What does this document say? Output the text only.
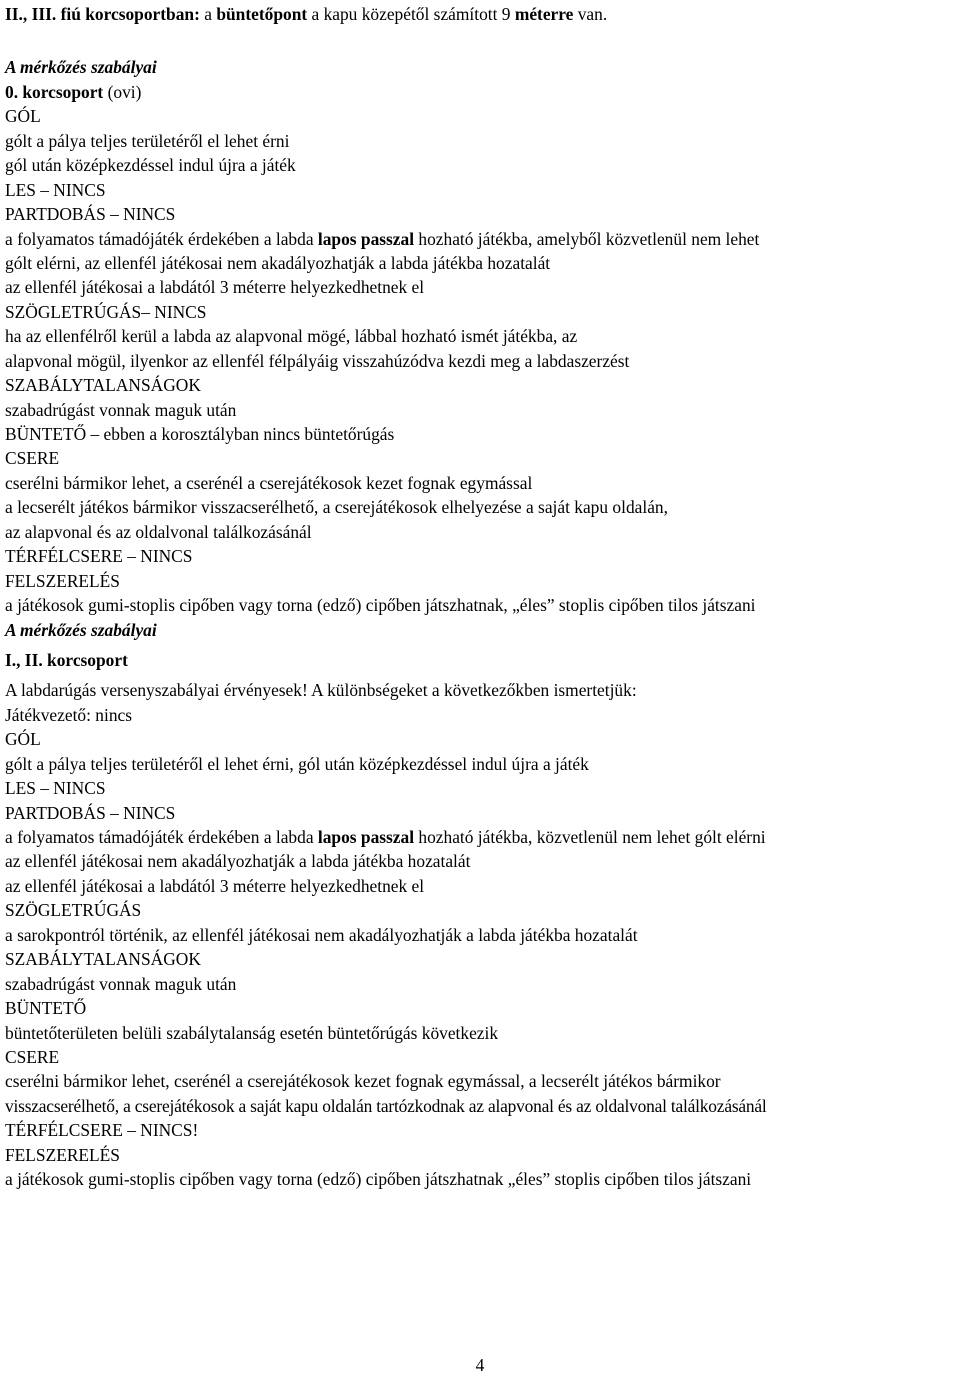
II., III. fiú korcsoportban: a büntetőpont a kapu közepétől számított 9 méterre van.
A mérkőzés szabályai
0. korcsoport (ovi)
GÓL
gólt a pálya teljes területéről el lehet érni
gól után középkezdéssel indul újra a játék
LES – NINCS
PARTDOBÁS – NINCS
a folyamatos támadójáték érdekében a labda lapos passzal hozható játékba, amelyből közvetlenül nem lehet
gólt elérni, az ellenfél játékosai nem akadályozhatják a labda játékba hozatalát
az ellenfél játékosai a labdától 3 méterre helyezkedhetnek el
SZÖGLETRÚGÁS– NINCS
ha az ellenfélről kerül a labda az alapvonal mögé, lábbal hozható ismét játékba, az
alapvonal mögül, ilyenkor az ellenfél félpályáig visszahúzódva kezdi meg a labdaszerzést
SZABÁLYTALANSÁGOK
szabadrúgást vonnak maguk után
BÜNTETŐ – ebben a korosztályban nincs büntetőrúgás
CSERE
cserélni bármikor lehet, a cserénél a cserejátékosok kezet fognak egymással
a lecserélt játékos bármikor visszacserélhető, a cserejátékosok elhelyezése a saját kapu oldalán,
az alapvonal és az oldalvonal találkozásánál
TÉRFÉLCSERE – NINCS
FELSZERELÉS
a játékosok gumi-stoplis cipőben vagy torna (edző) cipőben játszhatnak, „éles” stoplis cipőben tilos játszani
A mérkőzés szabályai
I., II. korcsoport
A labdarúgás versenyszabályai érvényesek! A különbségeket a következőkben ismertetjük:
Játékvezető: nincs
GÓL
gólt a pálya teljes területéről el lehet érni, gól után középkezdéssel indul újra a játék
LES – NINCS
PARTDOBÁS – NINCS
a folyamatos támadójáték érdekében a labda lapos passzal hozható játékba, közvetlenül nem lehet gólt elérni
az ellenfél játékosai nem akadályozhatják a labda játékba hozatalát
az ellenfél játékosai a labdától 3 méterre helyezkedhetnek el
SZÖGLETRÚGÁS
a sarokpontról történik, az ellenfél játékosai nem akadályozhatják a labda játékba hozatalát
SZABÁLYTALANSÁGOK
szabadrúgást vonnak maguk után
BÜNTETŐ
büntetőterületen belüli szabálytalanság esetén büntetőrúgás következik
CSERE
cserélni bármikor lehet, cserénél a cserejátékosok kezet fognak egymással, a lecserélt játékos bármikor
visszacserélhető, a cserejátékosok a saját kapu oldalán tartózkodnak az alapvonal és az oldalvonal találkozásánál
TÉRFÉLCSERE – NINCS!
FELSZERELÉS
a játékosok gumi-stoplis cipőben vagy torna (edző) cipőben játszhatnak „éles” stoplis cipőben tilos játszani
4
